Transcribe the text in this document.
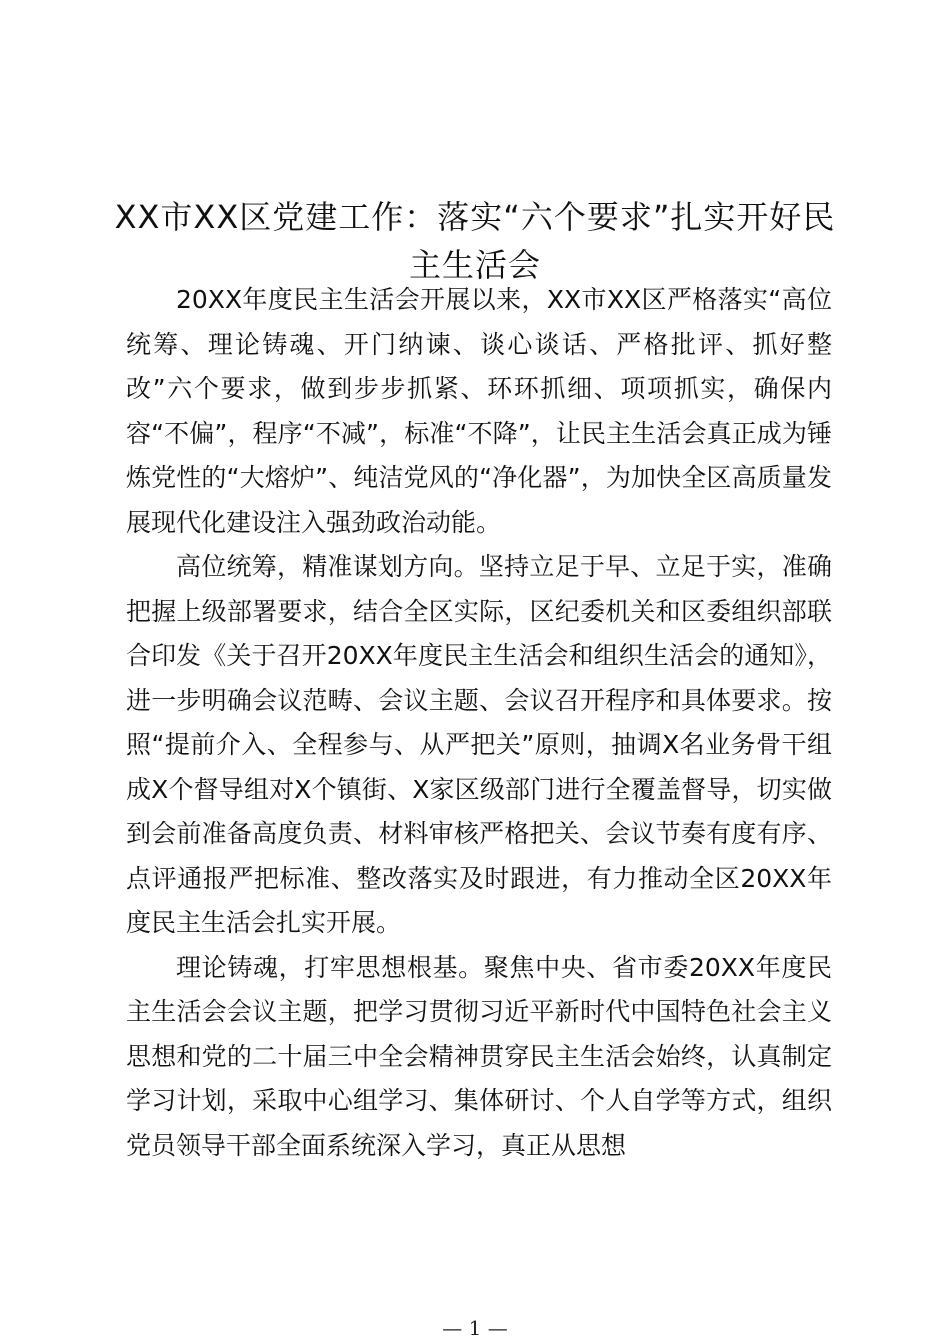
XX市XX区党建工作：落实“六个要求”扎实开好民主生活会

20XX年度民主生活会开展以来，XX市XX区严格落实“高位统筹、理论铸魂、开门纳谏、谈心谈话、严格批评、抓好整改”六个要求，做到步步抓紧、环环抓细、项项抓实，确保内容“不偏”，程序“不减”，标准“不降”，让民主生活会真正成为锤炼党性的“大熔炉”、纯洁党风的“净化器”，为加快全区高质量发展现代化建设注入强劲政治动能。

高位统筹，精准谋划方向。坚持立足于早、立足于实，准确把握上级部署要求，结合全区实际，区纪委机关和区委组织部联合印发《关于召开20XX年度民主生活会和组织生活会的通知》，进一步明确会议范畴、会议主题、会议召开程序和具体要求。按照“提前介入、全程参与、从严把关”原则，抽调X名业务骨干组成X个督导组对X个镇街、X家区级部门进行全覆盖督导，切实做到会前准备高度负责、材料审核严格把关、会议节奏有度有序、点评通报严把标准、整改落实及时跟进，有力推动全区20XX年度民主生活会扎实开展。

理论铸魂，打牢思想根基。聚焦中央、省市委20XX年度民主生活会会议主题，把学习贯彻习近平新时代中国特色社会主义思想和党的二十届三中全会精神贯穿民主生活会始终，认真制定学习计划，采取中心组学习、集体研讨、个人自学等方式，组织党员领导干部全面系统深入学习，真正从思想

— 1 —
